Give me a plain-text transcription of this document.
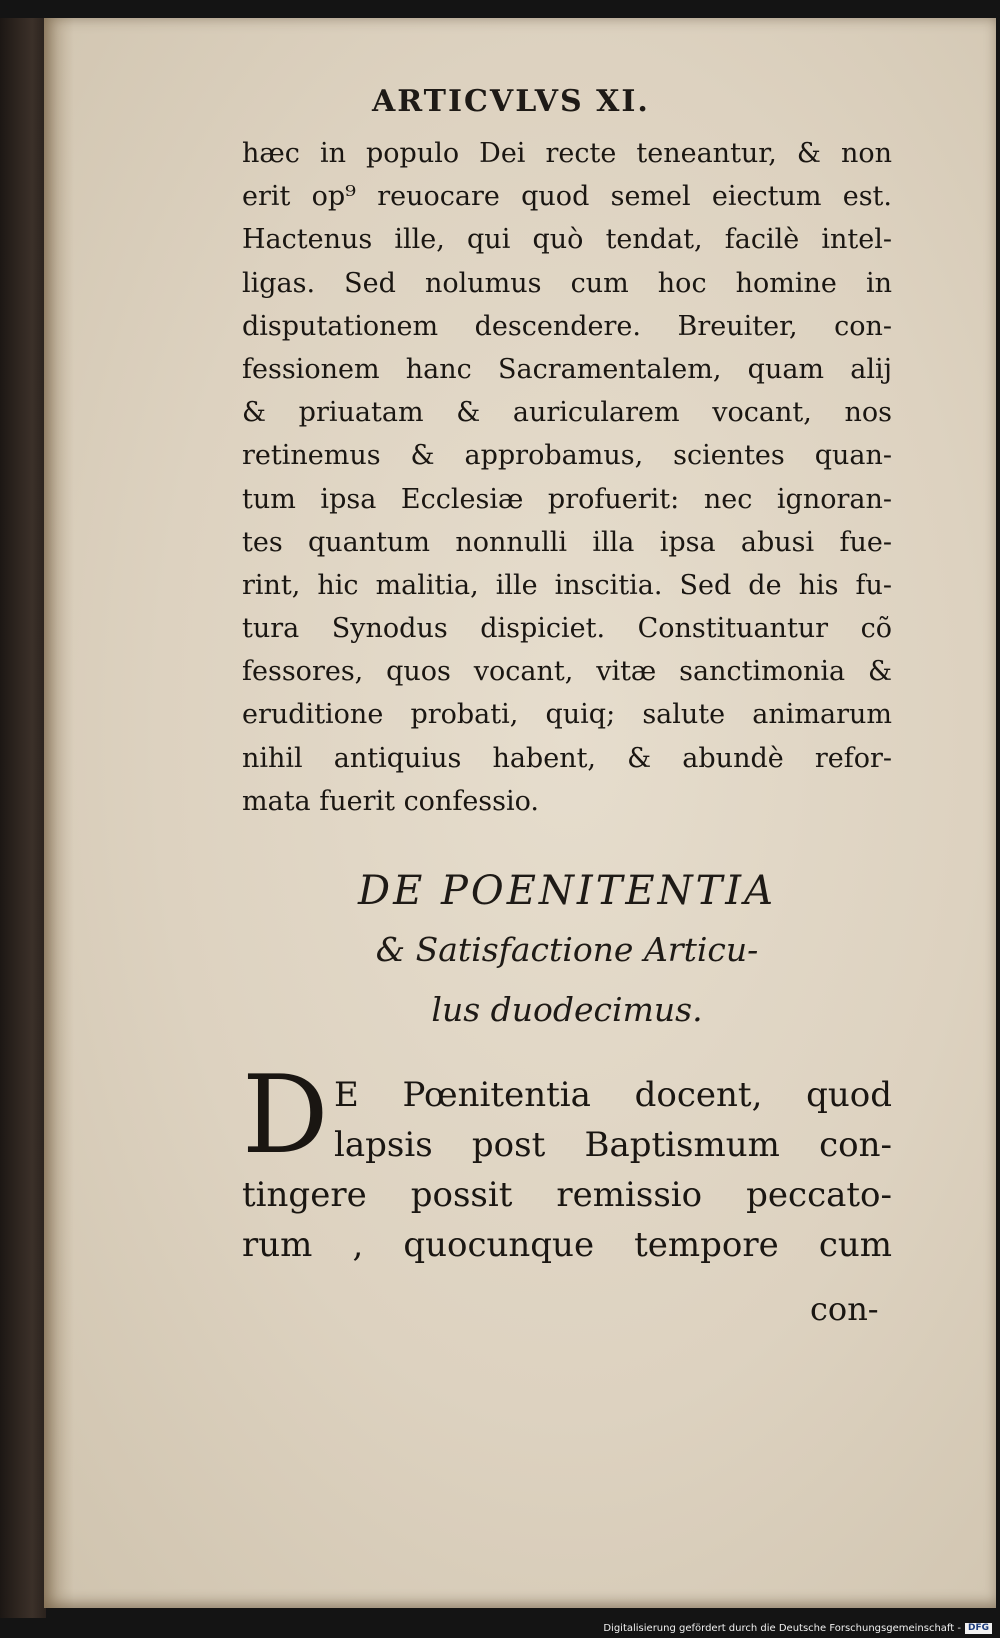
ARTICVLVS XI.
hæc in populo Dei recte teneantur, & non
erit op⁹ reuocare quod semel eiectum est.
Hactenus ille, qui quò tendat, facilè intel-
ligas. Sed nolumus cum hoc homine in
disputationem descendere. Breuiter, con-
fessionem hanc Sacramentalem, quam alij
& priuatam & auricularem vocant, nos
retinemus & approbamus, scientes quan-
tum ipsa Ecclesiæ profuerit: nec ignoran-
tes quantum nonnulli illa ipsa abusi fue-
rint, hic malitia, ille inscitia. Sed de his fu-
tura Synodus dispiciet. Constituantur cõ
fessores, quos vocant, vitæ sanctimonia &
eruditione probati, quiq; salute animarum
nihil antiquius habent, & abundè refor-
mata fuerit confessio.
DE POENITENTIA
& Satisfactione Articu-
lus duodecimus.
D E Pœnitentia docent, quod
lapsis post Baptismum con-
tingere possit remissio peccato-
rum , quocunque tempore cum
con-
Digitalisierung gefördert durch die Deutsche Forschungsgemeinschaft - DFG
